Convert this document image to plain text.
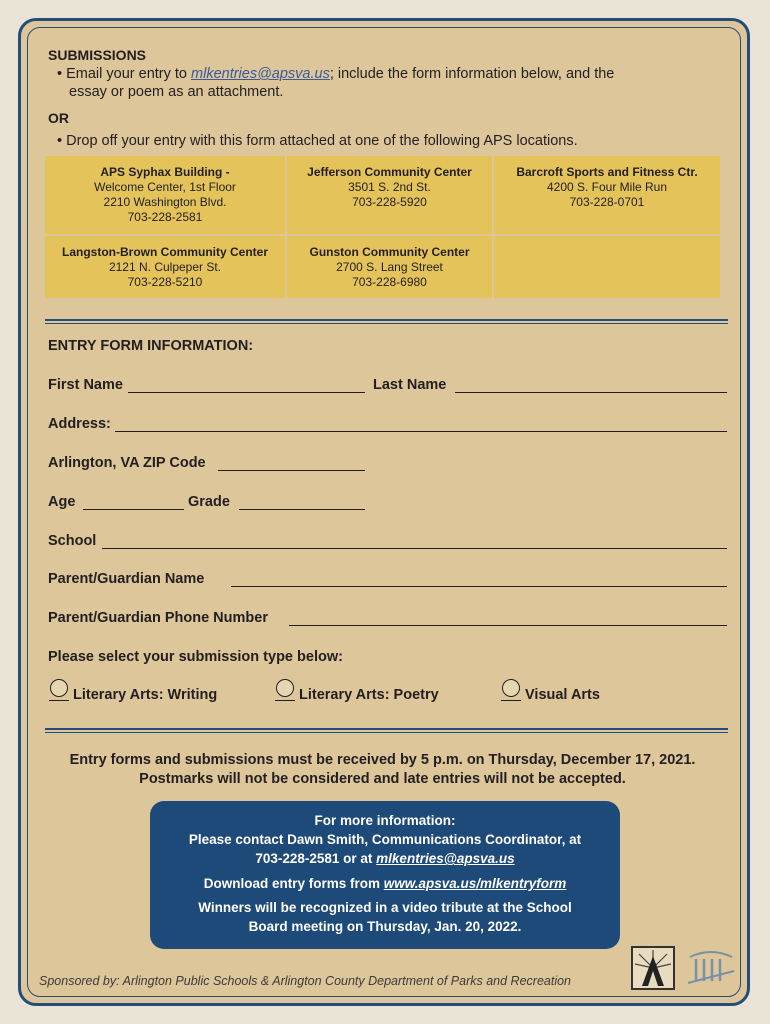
SUBMISSIONS
• Email your entry to mlkentries@apsva.us; include the form information below, and the
essay or poem as an attachment.
OR
• Drop off your entry with this form attached at one of the following APS locations.
APS Syphax Building -
Welcome Center, 1st Floor
2210 Washington Blvd.
703-228-2581
Jefferson Community Center
3501 S. 2nd St.
703-228-5920
Barcroft Sports and Fitness Ctr.
4200 S. Four Mile Run
703-228-0701
Langston-Brown Community Center
2121 N. Culpeper St.
703-228-5210
Gunston Community Center
2700 S. Lang Street
703-228-6980
ENTRY FORM INFORMATION:
First Name	Last Name
Address:
Arlington, VA ZIP Code
Age	Grade
School
Parent/Guardian Name
Parent/Guardian Phone Number
Please select your submission type below:
Literary Arts: Writing	Literary Arts: Poetry	Visual Arts
Entry forms and submissions must be received by 5 p.m. on Thursday, December 17, 2021.
Postmarks will not be considered and late entries will not be accepted.
For more information:
Please contact Dawn Smith, Communications Coordinator, at
703-228-2581 or at mlkentries@apsva.us
Download entry forms from www.apsva.us/mlkentryform
Winners will be recognized in a video tribute at the School
Board meeting on Thursday, Jan. 20, 2022.
Sponsored by: Arlington Public Schools & Arlington County Department of Parks and Recreation
